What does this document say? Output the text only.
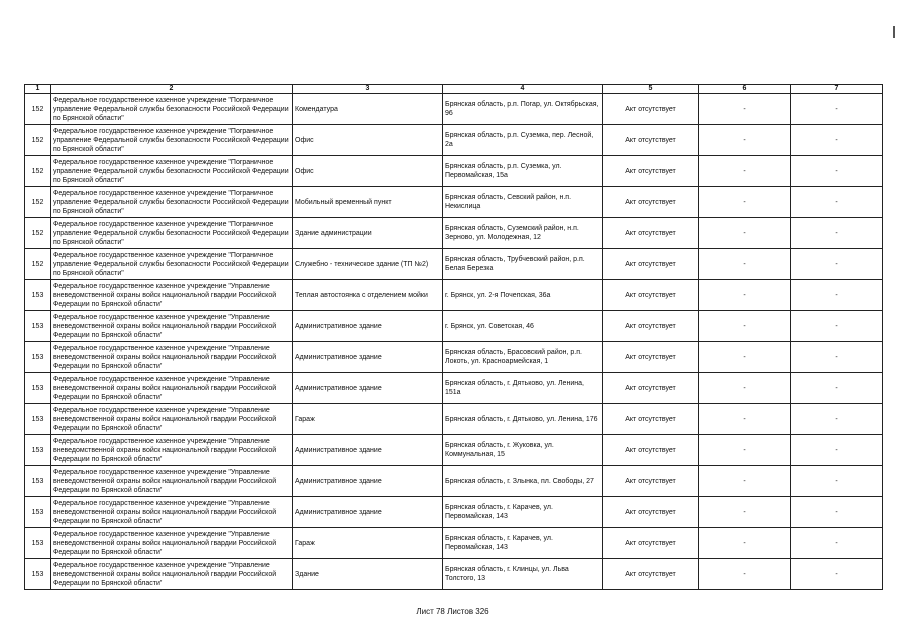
1	2	3	4	5	6	7
152	Федеральное государственное казенное учреждение "Пограничное управление Федеральной службы безопасности Российской Федерации по Брянской области"	Комендатура	Брянская область, р.п. Погар, ул. Октябрьская, 96	Акт отсутствует	-	-
152	Федеральное государственное казенное учреждение "Пограничное управление Федеральной службы безопасности Российской Федерации по Брянской области"	Офис	Брянская область, р.п. Суземка, пер. Лесной, 2а	Акт отсутствует	-	-
152	Федеральное государственное казенное учреждение "Пограничное управление Федеральной службы безопасности Российской Федерации по Брянской области"	Офис	Брянская область, р.п. Суземка, ул. Первомайская, 15а	Акт отсутствует	-	-
152	Федеральное государственное казенное учреждение "Пограничное управление Федеральной службы безопасности Российской Федерации по Брянской области"	Мобильный временный пункт	Брянская область, Севский район, н.п. Некислица	Акт отсутствует	-	-
152	Федеральное государственное казенное учреждение "Пограничное управление Федеральной службы безопасности Российской Федерации по Брянской области"	Здание администрации	Брянская область, Суземский район, н.п. Зерново, ул. Молодежная, 12	Акт отсутствует	-	-
152	Федеральное государственное казенное учреждение "Пограничное управление Федеральной службы безопасности Российской Федерации по Брянской области"	Служебно - техническое здание (ТП №2)	Брянская область, Трубчевский район, р.п. Белая Березка	Акт отсутствует	-	-
153	Федеральное государственное казенное учреждение "Управление вневедомственной охраны войск национальной гвардии Российской Федерации по Брянской области"	Теплая автостоянка с отделением мойки	г. Брянск, ул. 2-я Почепская, 36а	Акт отсутствует	-	-
153	Федеральное государственное казенное учреждение "Управление вневедомственной охраны войск национальной гвардии Российской Федерации по Брянской области"	Административное здание	г. Брянск, ул. Советская, 46	Акт отсутствует	-	-
153	Федеральное государственное казенное учреждение "Управление вневедомственной охраны войск национальной гвардии Российской Федерации по Брянской области"	Административное здание	Брянская область, Брасовский район, р.п. Локоть, ул. Красноармейская, 1	Акт отсутствует	-	-
153	Федеральное государственное казенное учреждение "Управление вневедомственной охраны войск национальной гвардии Российской Федерации по Брянской области"	Административное здание	Брянская область, г. Дятьково, ул. Ленина, 151а	Акт отсутствует	-	-
153	Федеральное государственное казенное учреждение "Управление вневедомственной охраны войск национальной гвардии Российской Федерации по Брянской области"	Гараж	Брянская область, г. Дятьково, ул. Ленина, 176	Акт отсутствует	-	-
153	Федеральное государственное казенное учреждение "Управление вневедомственной охраны войск национальной гвардии Российской Федерации по Брянской области"	Административное здание	Брянская область, г. Жуковка, ул. Коммунальная, 15	Акт отсутствует	-	-
153	Федеральное государственное казенное учреждение "Управление вневедомственной охраны войск национальной гвардии Российской Федерации по Брянской области"	Административное здание	Брянская область, г. Злынка, пл. Свободы, 27	Акт отсутствует	-	-
153	Федеральное государственное казенное учреждение "Управление вневедомственной охраны войск национальной гвардии Российской Федерации по Брянской области"	Административное здание	Брянская область, г. Карачев, ул. Первомайская, 143	Акт отсутствует	-	-
153	Федеральное государственное казенное учреждение "Управление вневедомственной охраны войск национальной гвардии Российской Федерации по Брянской области"	Гараж	Брянская область, г. Карачев, ул. Первомайская, 143	Акт отсутствует	-	-
153	Федеральное государственное казенное учреждение "Управление вневедомственной охраны войск национальной гвардии Российской Федерации по Брянской области"	Здание	Брянская область, г. Клинцы, ул. Льва Толстого, 13	Акт отсутствует	-	-
Лист 78 Листов 326
